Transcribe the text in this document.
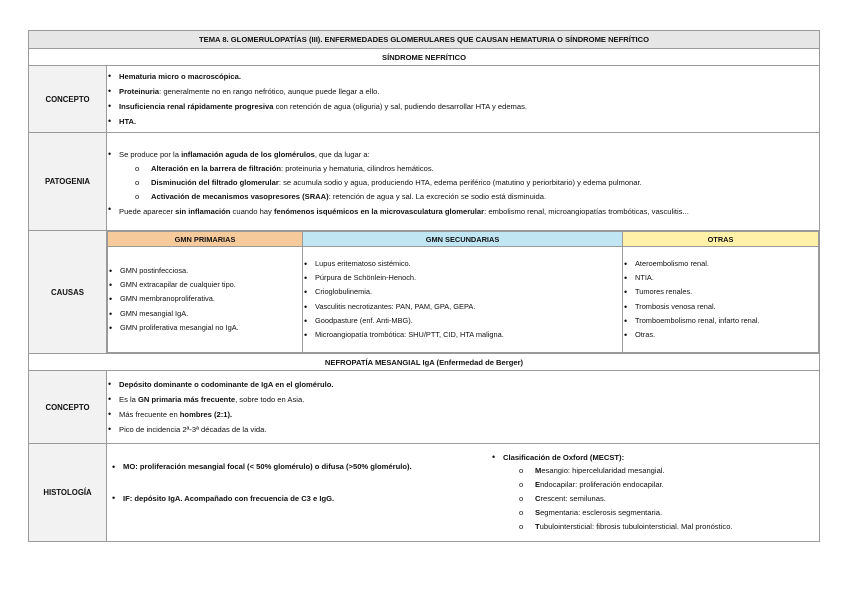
TEMA 8. GLOMERULOPATÍAS (III). ENFERMEDADES GLOMERULARES QUE CAUSAN HEMATURIA O SÍNDROME NEFRÍTICO
SÍNDROME NEFRÍTICO
CONCEPTO	
• Hematuria micro o macroscópica.
• Proteinuria: generalmente no en rango nefrótico, aunque puede llegar a ello.
• Insuficiencia renal rápidamente progresiva con retención de agua (oliguria) y sal, pudiendo desarrollar HTA y edemas.
• HTA.

PATOGENIA	
• Se produce por la inflamación aguda de los glomérulos, que da lugar a:
o Alteración en la barrera de filtración: proteinuria y hematuria, cilindros hemáticos.
o Disminución del filtrado glomerular: se acumula sodio y agua, produciendo HTA, edema periférico (matutino y periorbitario) y edema pulmonar.
o Activación de mecanismos vasopresores (SRAA): retención de agua y sal. La excreción se sodio está disminuida.
• Puede aparecer sin inflamación cuando hay fenómenos isquémicos en la microvasculatura glomerular: embolismo renal, microangiopatías trombóticas, vasculitis...

CAUSAS	
GMN PRIMARIAS	GMN SECUNDARIAS	OTRAS

• GMN postinfecciosa.
• GMN extracapilar de cualquier tipo.
• GMN membranoproliferativa.
• GMN mesangial IgA.
• GMN proliferativa mesangial no IgA.

• Lupus eritematoso sistémico.
• Púrpura de Schönlein-Henoch.
• Crioglobulinemia.
• Vasculitis necrotizantes: PAN, PAM, GPA, GEPA.
• Goodpasture (enf. Anti-MBG).
• Microangiopatía trombótica: SHU/PTT, CID, HTA maligna.

• Ateroembolismo renal.
• NTIA.
• Tumores renales.
• Trombosis venosa renal.
• Tromboembolismo renal, infarto renal.
• Otras.

NEFROPATÍA MESANGIAL IgA (Enfermedad de Berger)
CONCEPTO	
• Depósito dominante o codominante de IgA en el glomérulo.
• Es la GN primaria más frecuente, sobre todo en Asia.
• Más frecuente en hombres (2:1).
• Pico de incidencia 2ª-3ª décadas de la vida.

HISTOLOGÍA	
• MO: proliferación mesangial focal (< 50% glomérulo) o difusa (>50% glomérulo).
• IF: depósito IgA. Acompañado con frecuencia de C3 e IgG.
• Clasificación de Oxford (MECST):
o Mesangio: hipercelularidad mesangial.
o Endocapilar: proliferación endocapilar.
o Crescent: semilunas.
o Segmentaria: esclerosis segmentaria.
o Tubulointersticial: fibrosis tubulointersticial. Mal pronóstico.
